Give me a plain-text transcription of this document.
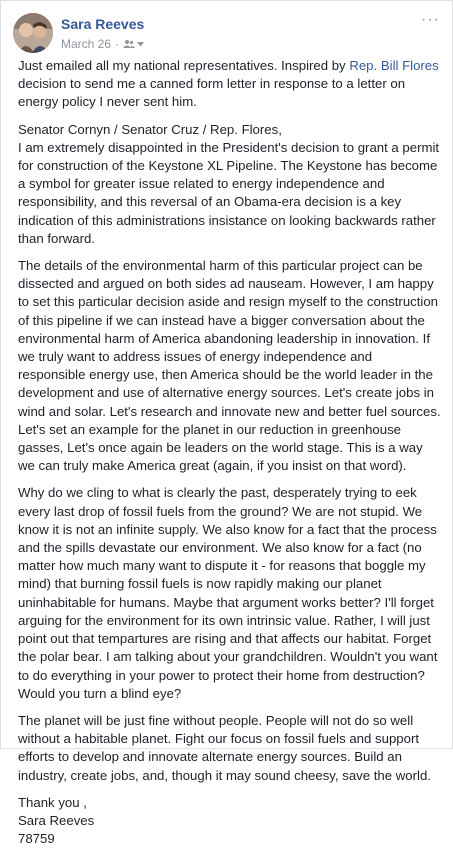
Sara Reeves
March 26 ·
···

Just emailed all my national representatives. Inspired by Rep. Bill Flores decision to send me a canned form letter in response to a letter on energy policy I never sent him.

Senator Cornyn / Senator Cruz / Rep. Flores,
I am extremely disappointed in the President's decision to grant a permit for construction of the Keystone XL Pipeline. The Keystone has become a symbol for greater issue related to energy independence and responsibility, and this reversal of an Obama-era decision is a key indication of this administrations insistance on looking backwards rather than forward.

The details of the environmental harm of this particular project can be dissected and argued on both sides ad nauseam. However, I am happy to set this particular decision aside and resign myself to the construction of this pipeline if we can instead have a bigger conversation about the environmental harm of America abandoning leadership in innovation. If we truly want to address issues of energy independence and responsible energy use, then America should be the world leader in the development and use of alternative energy sources. Let's create jobs in wind and solar. Let's research and innovate new and better fuel sources. Let's set an example for the planet in our reduction in greenhouse gasses, Let's once again be leaders on the world stage. This is a way we can truly make America great (again, if you insist on that word).

Why do we cling to what is clearly the past, desperately trying to eek every last drop of fossil fuels from the ground? We are not stupid. We know it is not an infinite supply. We also know for a fact that the process and the spills devastate our environment. We also know for a fact (no matter how much many want to dispute it - for reasons that boggle my mind) that burning fossil fuels is now rapidly making our planet uninhabitable for humans. Maybe that argument works better? I'll forget arguing for the environment for its own intrinsic value. Rather, I will just point out that tempartures are rising and that affects our habitat. Forget the polar bear. I am talking about your grandchildren. Wouldn't you want to do everything in your power to protect their home from destruction? Would you turn a blind eye?

The planet will be just fine without people. People will not do so well without a habitable planet. Fight our focus on fossil fuels and support efforts to develop and innovate alternate energy sources. Build an industry, create jobs, and, though it may sound cheesy, save the world.

Thank you ,
Sara Reeves
78759
